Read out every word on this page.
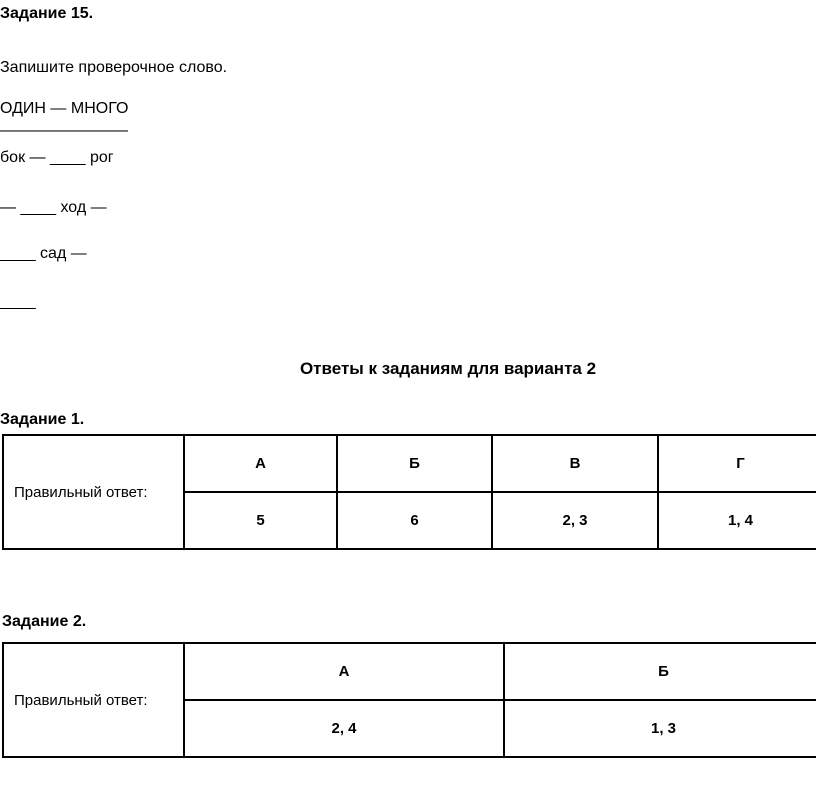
Задание 15.
Запишите проверочное слово.
ОДИН — МНОГО
————————
бок — ____ рог
— ____ ход —
____ сад —
____
Ответы к заданиям для варианта 2
Задание 1.
Правильный ответ:	А	Б	В	Г
	5	6	2, 3	1, 4
Задание 2.
Правильный ответ:	А	Б
	2, 4	1, 3
